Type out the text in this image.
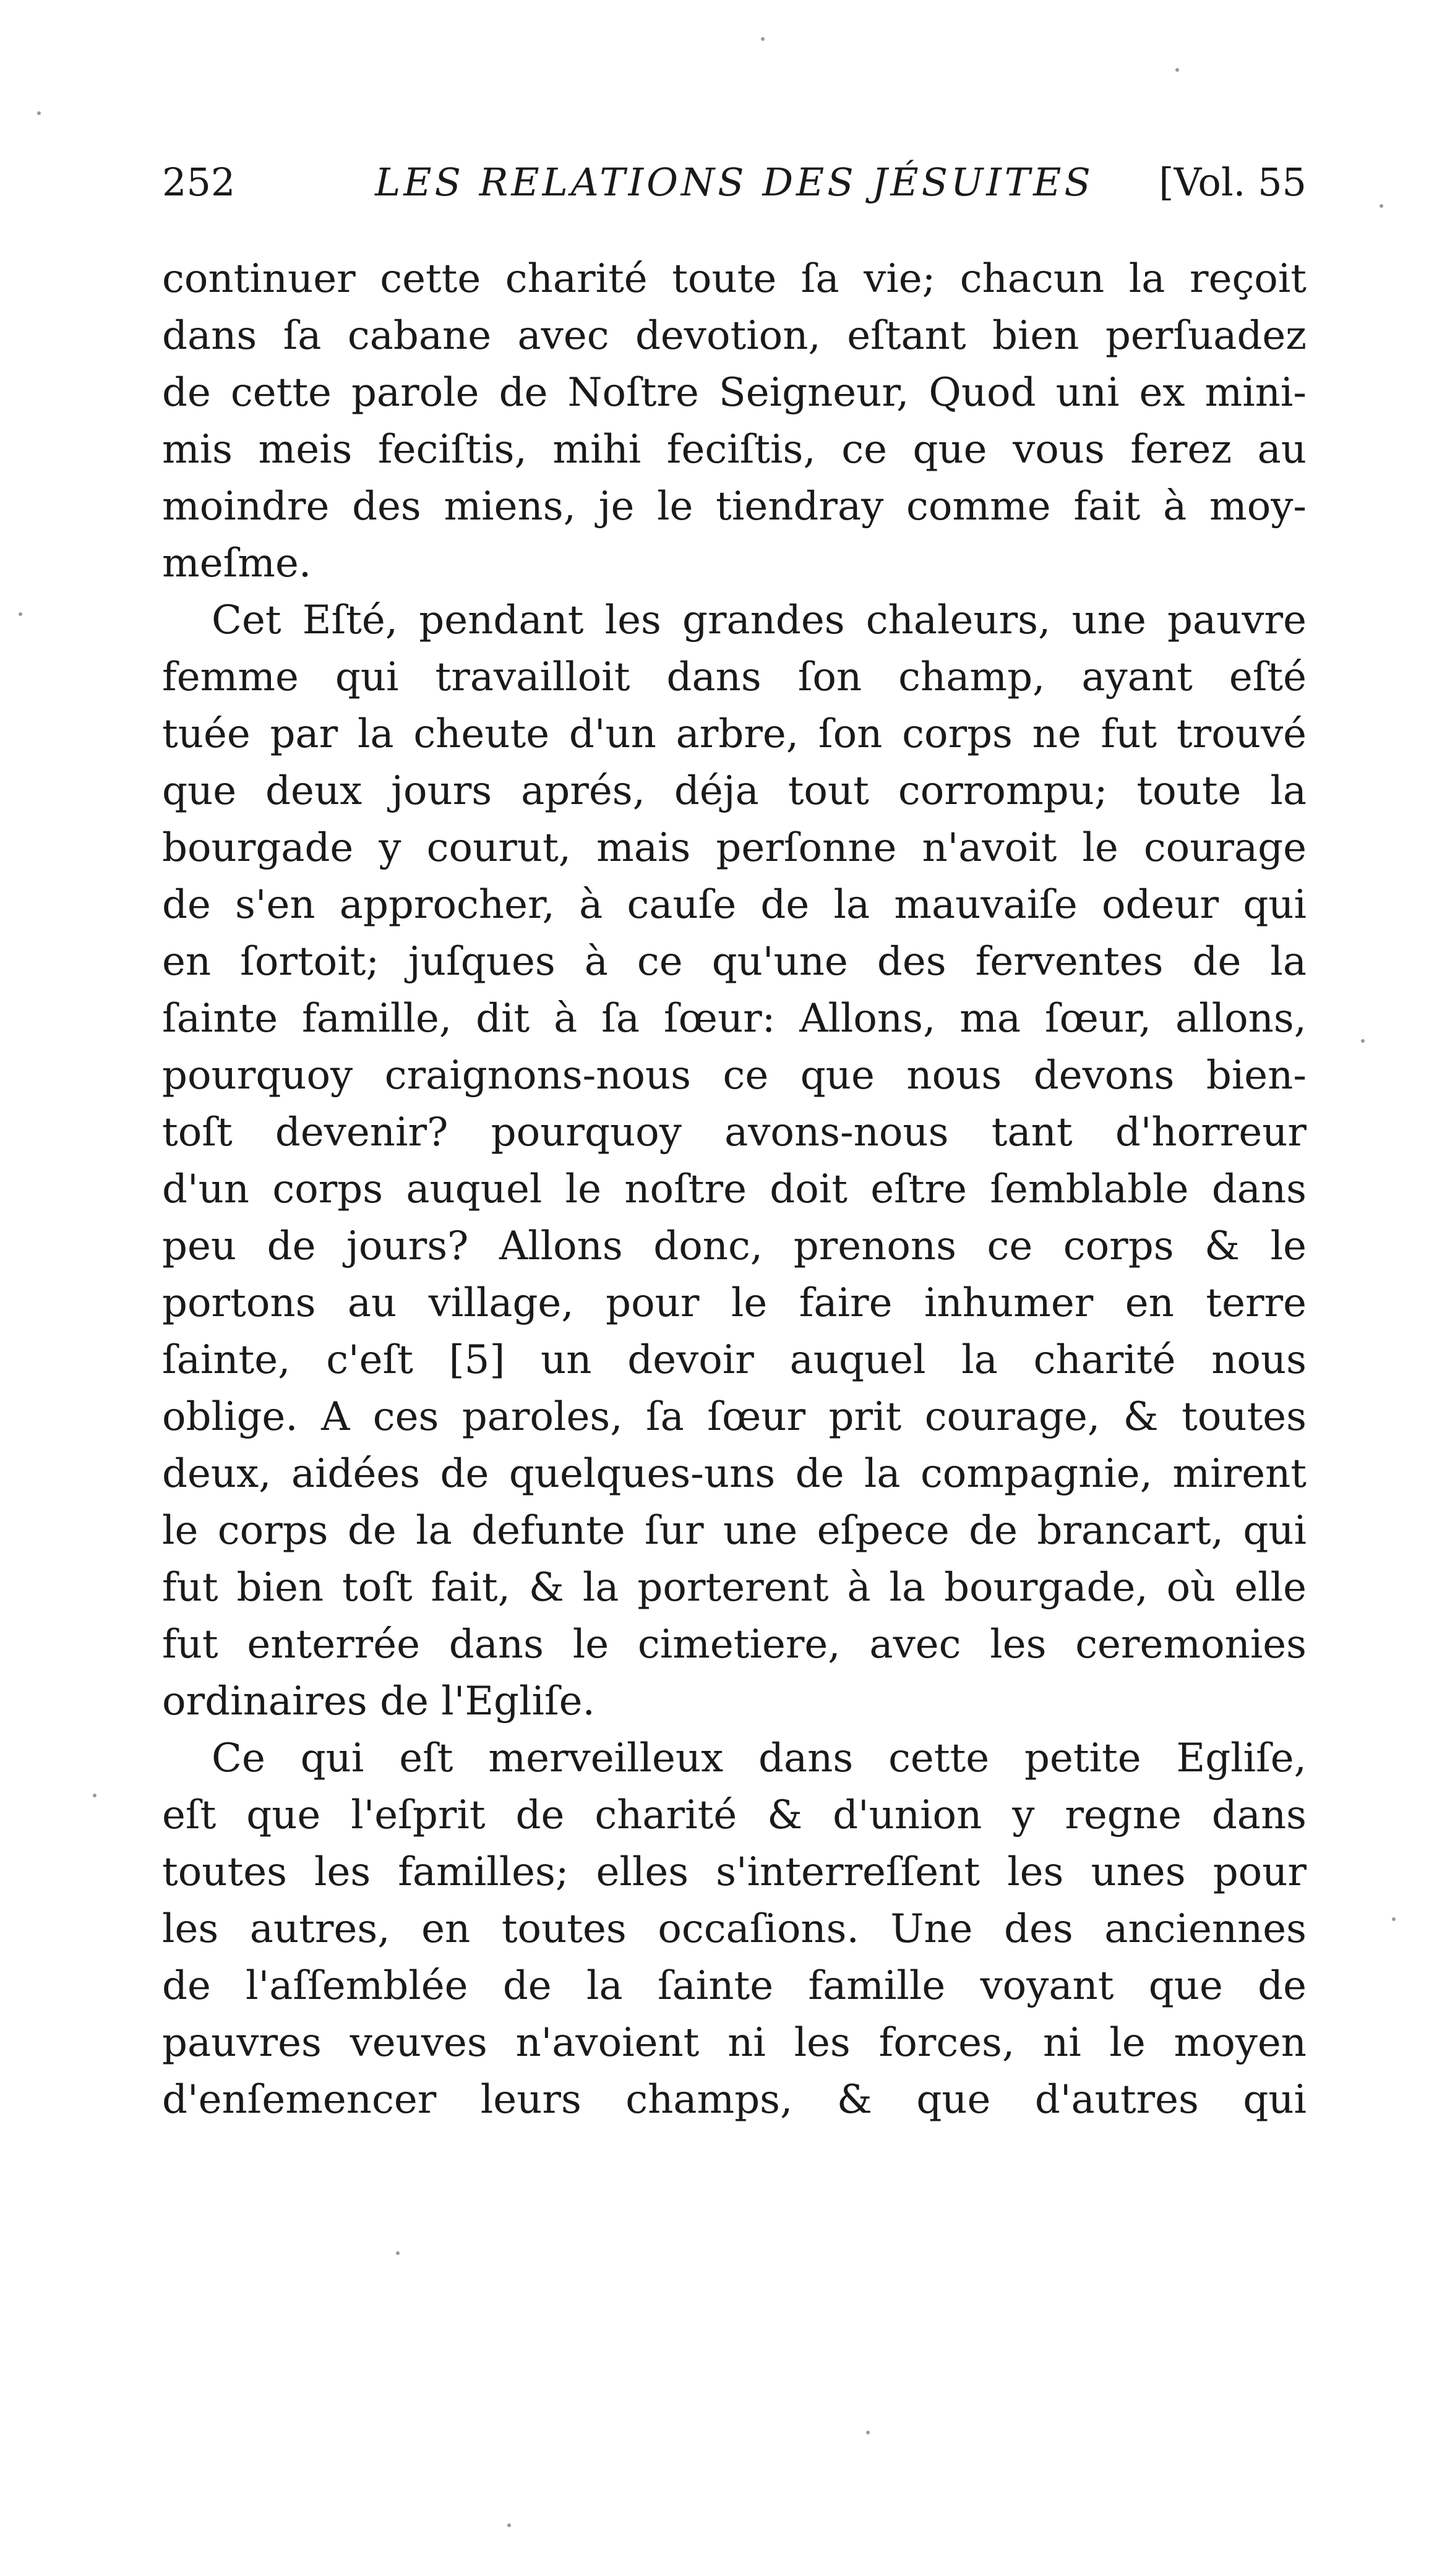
252	LES RELATIONS DES JÉSUITES	[Vol. 55
continuer cette charité toute ſa vie; chacun la reçoit
dans ſa cabane avec devotion, eſtant bien perſuadez
de cette parole de Noſtre Seigneur, Quod uni ex mini-
mis meis feciſtis, mihi feciſtis, ce que vous ferez au
moindre des miens, je le tiendray comme fait à moy-
meſme.
Cet Eſté, pendant les grandes chaleurs, une pauvre
femme qui travailloit dans ſon champ, ayant eſté
tuée par la cheute d'un arbre, ſon corps ne fut trouvé
que deux jours aprés, déja tout corrompu; toute la
bourgade y courut, mais perſonne n'avoit le courage
de s'en approcher, à cauſe de la mauvaiſe odeur qui
en ſortoit; juſques à ce qu'une des ferventes de la
ſainte famille, dit à ſa ſœur: Allons, ma ſœur, allons,
pourquoy craignons-nous ce que nous devons bien-
toſt devenir? pourquoy avons-nous tant d'horreur
d'un corps auquel le noſtre doit eſtre ſemblable dans
peu de jours? Allons donc, prenons ce corps & le
portons au village, pour le faire inhumer en terre
ſainte, c'eſt [5] un devoir auquel la charité nous
oblige. A ces paroles, ſa ſœur prit courage, & toutes
deux, aidées de quelques-uns de la compagnie, mirent
le corps de la defunte ſur une eſpece de brancart, qui
fut bien toſt fait, & la porterent à la bourgade, où elle
fut enterrée dans le cimetiere, avec les ceremonies
ordinaires de l'Egliſe.
Ce qui eſt merveilleux dans cette petite Egliſe,
eſt que l'eſprit de charité & d'union y regne dans
toutes les familles; elles s'interreſſent les unes pour
les autres, en toutes occaſions. Une des anciennes
de l'aſſemblée de la ſainte famille voyant que de
pauvres veuves n'avoient ni les forces, ni le moyen
d'enſemencer leurs champs, & que d'autres qui
